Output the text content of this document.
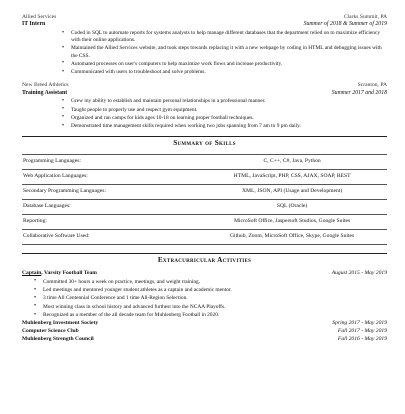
Allied Services	Clarks Summit, PA
IT Intern	Summer of 2018 & Summer of 2019
• Coded in SQL to automate reports for systems analysts to help manage different databases that the department relied on to maximize efficiency with their online applications.
• Maintained the Allied Services website, and took steps towards replacing it with a new webpage by coding in HTML and debugging issues with the CSS.
• Automated processes on user's computers to help maximize work flows and increase productivity.
• Communicated with users to troubleshoot and solve problems.
New Breed Athletics	Scranton, PA
Training Assistant	Summer 2017 and 2018
• Grew my ability to establish and maintain personal relationships in a professional manner.
• Taught people to properly use and respect gym equipment.
• Organized and ran camps for kids ages 10-18 on learning proper football techniques.
• Demonstrated time management skills required when working two jobs spanning from 7 am to 9 pm daily.
Summary of Skills
Programming Languages:	C, C++, C#, Java, Python
Web Application Languages:	HTML, JavaScript, PHP, CSS, AJAX, SOAP, REST
Secondary Programming Languages:	XML, JSON, API (Usage and Development)
Database Languages:	SQL (Oracle)
Reporting:	MicroSoft Office, Jaspersoft Studios, Google Suites
Collaborative Software Used:	Github, Zoom, MicroSoft Office, Skype, Google Suites
Extracurricular Activities
Captain, Varsity Football Team	August 2015 - May 2019
• Committed 30+ hours a week on practice, meetings, and weight training.
• Led meetings and mentored younger student athletes as a captain and academic mentor.
• 3 time All Centennial Conference and 1 time All-Region Selection.
• Most winning class in school history and advanced furthest into the NCAA Playoffs.
• Recognized as a member of the all decade team for Muhlenberg Football in 2020.
Muhlenberg Investment Society	Spring 2017 - May 2019
Computer Science Club	Fall 2017 - May 2019
Muhlenberg Strength Council	Fall 2016 - May 2019
